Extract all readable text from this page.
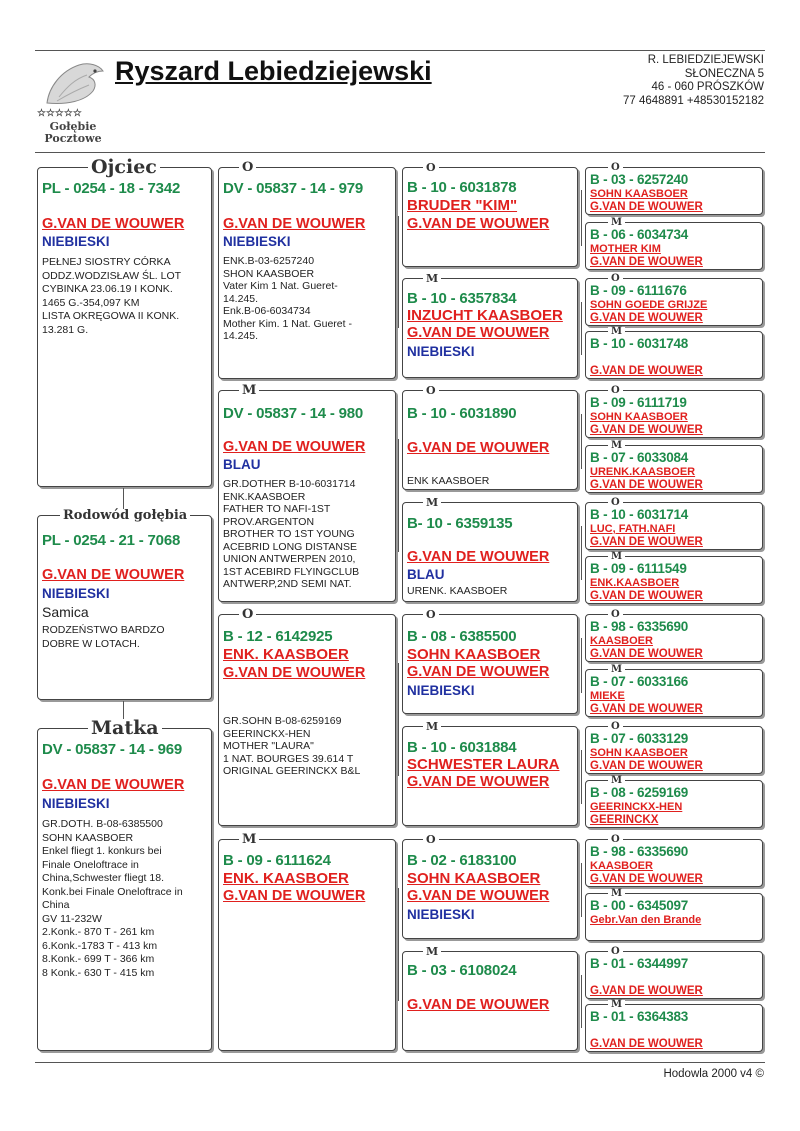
☆☆☆☆☆
Gołębie
Pocztowe
Ryszard Lebiedziejewski	R. LEBIEDZIEJEWSKI
SŁONECZNA 5
46 - 060 PRÓSZKÓW
77 4648891 +48530152182
Ojciec
PL - 0254 - 18 - 7342
G.VAN DE WOUWER
NIEBIESKI
PEŁNEJ SIOSTRY CÓRKA
ODDZ.WODZISŁAW ŚL. LOT
CYBINKA 23.06.19 I KONK.
1465 G.-354,097 KM
LISTA OKRĘGOWA II KONK.
13.281 G.
Rodowód gołębia
PL - 0254 - 21 - 7068
G.VAN DE WOUWER
NIEBIESKI
Samica
RODZEŃSTWO BARDZO
DOBRE W LOTACH.
Matka
DV - 05837 - 14 - 969
G.VAN DE WOUWER
NIEBIESKI
GR.DOTH. B-08-6385500
SOHN KAASBOER
Enkel fliegt 1. konkurs bei
Finale Oneloftrace in
China,Schwester fliegt 18.
Konk.bei Finale Oneloftrace in
China
GV 11-232W
2.Konk.- 870 T - 261 km
6.Konk.-1783 T - 413 km
8.Konk.- 699 T - 366 km
8 Konk.- 630 T - 415 km
O
DV - 05837 - 14 - 979
G.VAN DE WOUWER
NIEBIESKI
ENK.B-03-6257240
SHON KAASBOER
Vater Kim 1 Nat. Gueret-
14.245.
Enk.B-06-6034734
Mother Kim. 1 Nat. Gueret -
14.245.
M
DV - 05837 - 14 - 980
G.VAN DE WOUWER
BLAU
GR.DOTHER B-10-6031714
ENK.KAASBOER
FATHER TO NAFI-1ST
PROV.ARGENTON
BROTHER TO 1ST YOUNG
ACEBRID LONG DISTANSE
UNION ANTWERPEN 2010,
1ST ACEBIRD FLYINGCLUB
ANTWERP,2ND SEMI NAT.
O
B - 12 - 6142925
ENK. KAASBOER
G.VAN DE WOUWER
GR.SOHN B-08-6259169
GEERINCKX-HEN
MOTHER "LAURA"
1 NAT. BOURGES 39.614 T
ORIGINAL GEERINCKX B&L
M
B - 09 - 6111624
ENK. KAASBOER
G.VAN DE WOUWER
O
B - 10 - 6031878
BRUDER "KIM"
G.VAN DE WOUWER
M
B - 10 - 6357834
INZUCHT KAASBOER
G.VAN DE WOUWER
NIEBIESKI
O
B - 10 - 6031890
G.VAN DE WOUWER
ENK KAASBOER
M
B- 10 - 6359135
G.VAN DE WOUWER
BLAU
URENK. KAASBOER
O
B - 08 - 6385500
SOHN KAASBOER
G.VAN DE WOUWER
NIEBIESKI
M
B - 10 - 6031884
SCHWESTER LAURA
G.VAN DE WOUWER
O
B - 02 - 6183100
SOHN KAASBOER
G.VAN DE WOUWER
NIEBIESKI
M
B - 03 - 6108024
G.VAN DE WOUWER
O
B - 03 - 6257240
SOHN KAASBOER
G.VAN DE WOUWER
M
B - 06 - 6034734
MOTHER KIM
G.VAN DE WOUWER
O
B - 09 - 6111676
SOHN GOEDE GRIJZE
G.VAN DE WOUWER
M
B - 10 - 6031748
G.VAN DE WOUWER
O
B - 09 - 6111719
SOHN KAASBOER
G.VAN DE WOUWER
M
B - 07 - 6033084
URENK.KAASBOER
G.VAN DE WOUWER
O
B - 10 - 6031714
LUC, FATH.NAFI
G.VAN DE WOUWER
M
B - 09 - 6111549
ENK.KAASBOER
G.VAN DE WOUWER
O
B - 98 - 6335690
KAASBOER
G.VAN DE WOUWER
M
B - 07 - 6033166
MIEKE
G.VAN DE WOUWER
O
B - 07 - 6033129
SOHN KAASBOER
G.VAN DE WOUWER
M
B - 08 - 6259169
GEERINCKX-HEN
GEERINCKX
O
B - 98 - 6335690
KAASBOER
G.VAN DE WOUWER
M
B - 00 - 6345097
Gebr.Van den Brande
O
B - 01 - 6344997
G.VAN DE WOUWER
M
B - 01 - 6364383
G.VAN DE WOUWER
Hodowla 2000 v4 ©
